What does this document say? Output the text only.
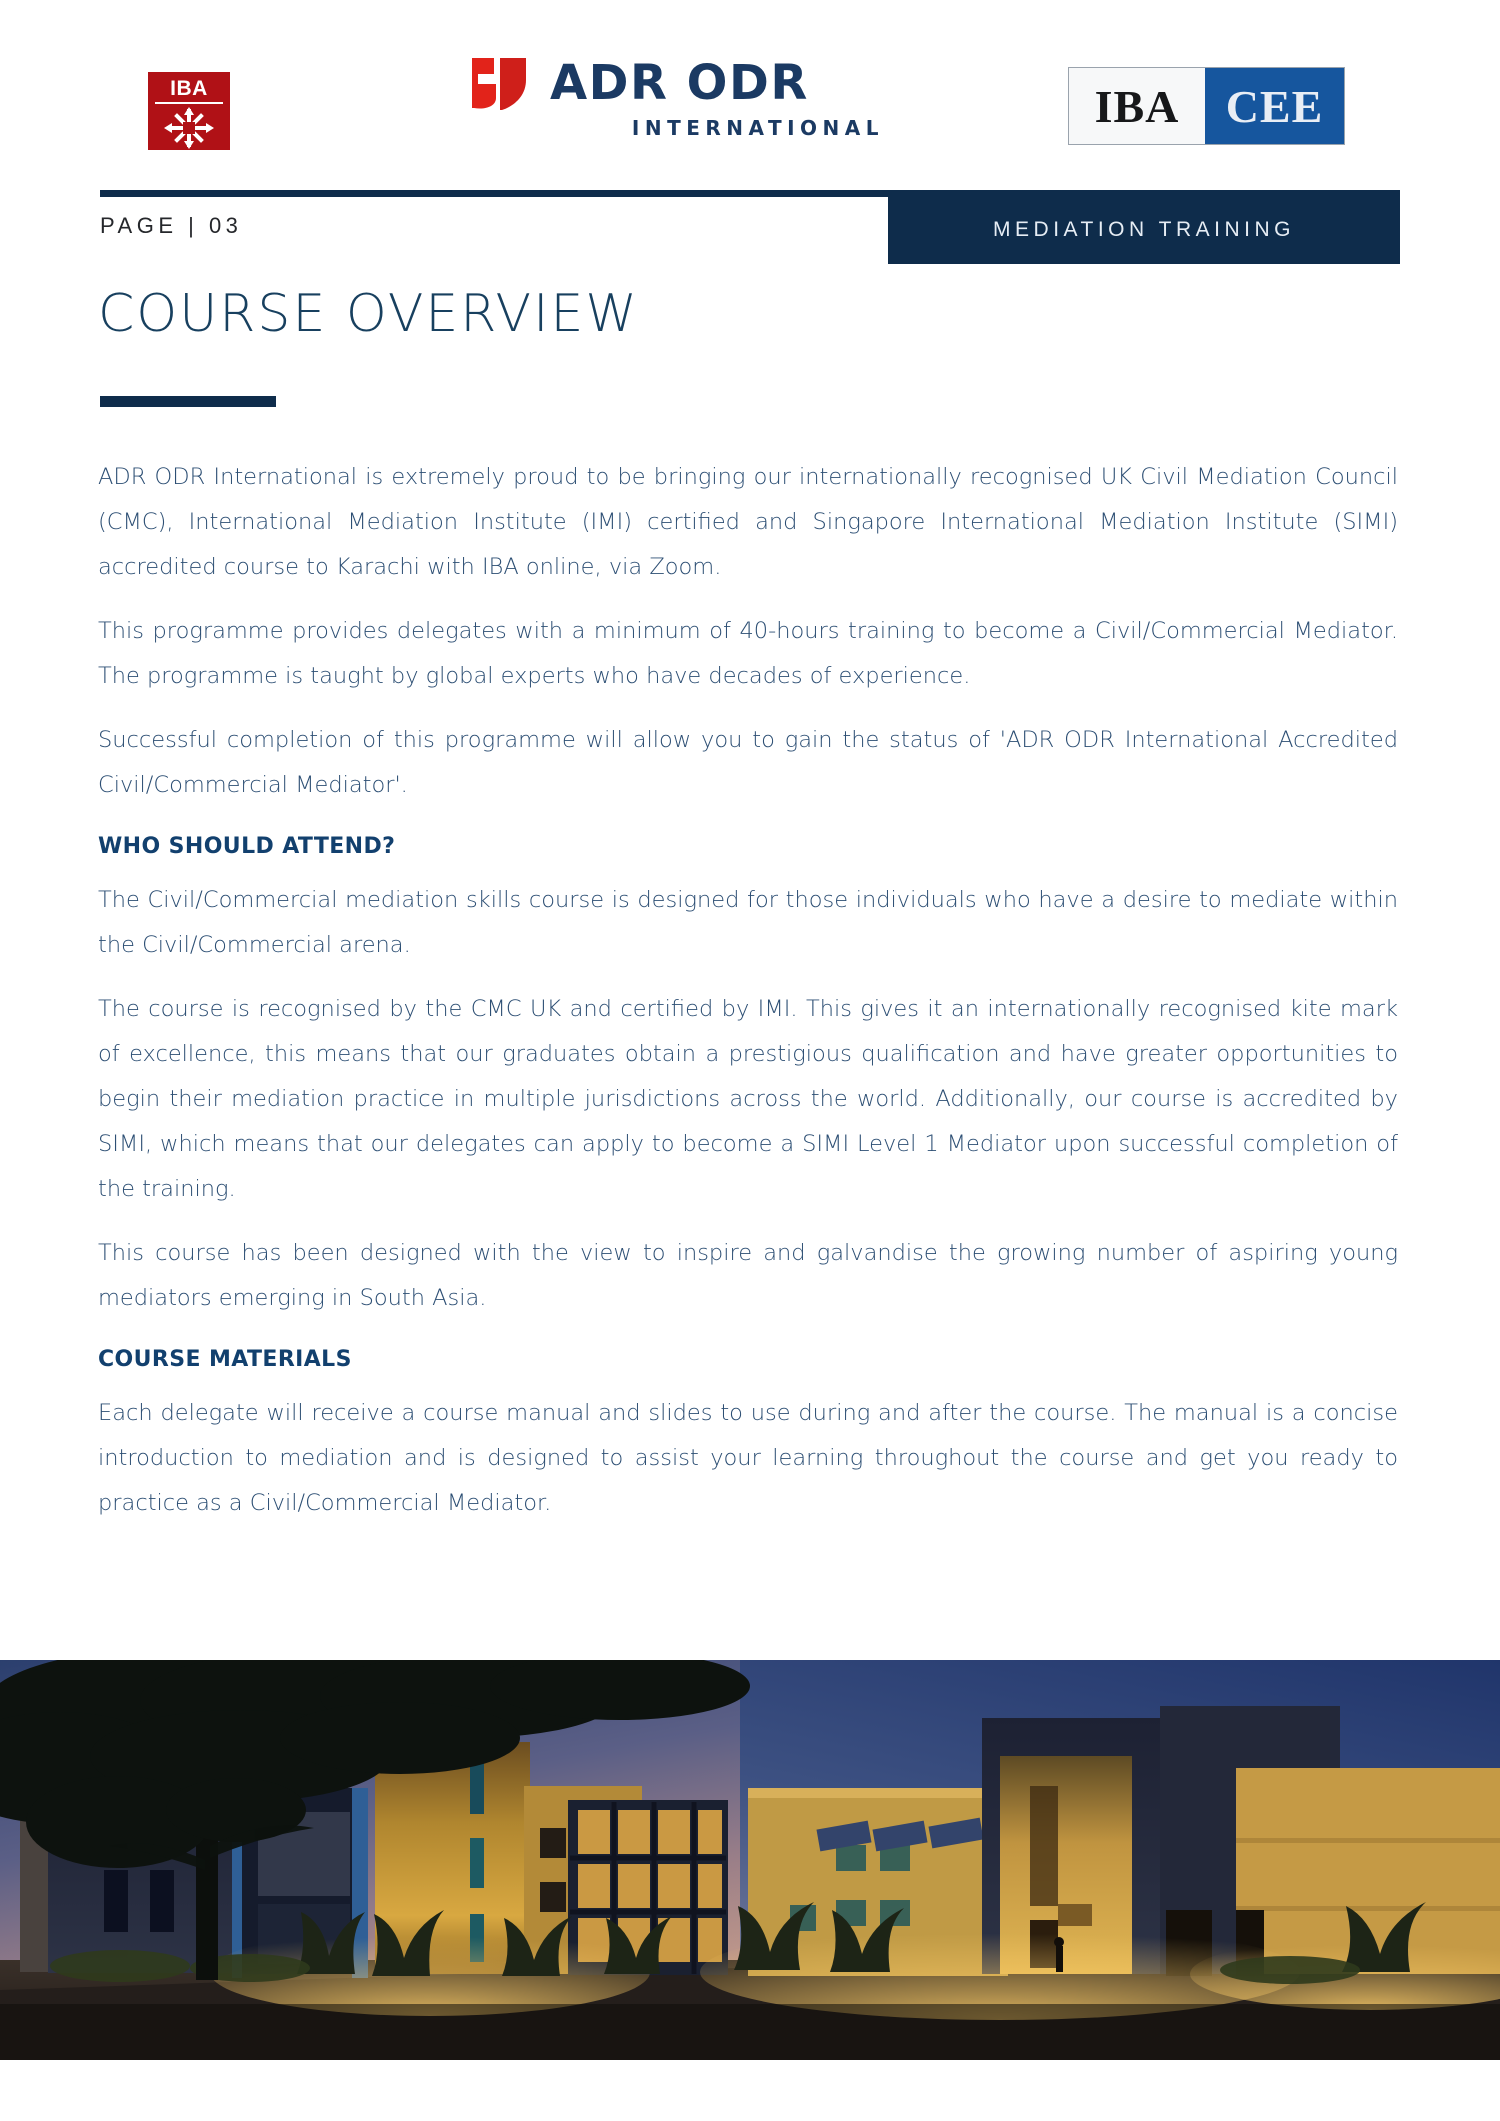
IBA	ADR ODR
INTERNATIONAL	IBA CEE
PAGE | 03	MEDIATION TRAINING
COURSE OVERVIEW

ADR ODR International is extremely proud to be bringing our internationally recognised UK Civil Mediation Council (CMC), International Mediation Institute (IMI) certified and Singapore International Mediation Institute (SIMI) accredited course to Karachi with IBA online, via Zoom.

This programme provides delegates with a minimum of 40-hours training to become a Civil/Commercial Mediator. The programme is taught by global experts who have decades of experience.

Successful completion of this programme will allow you to gain the status of 'ADR ODR International Accredited Civil/Commercial Mediator'.

WHO SHOULD ATTEND?

The Civil/Commercial mediation skills course is designed for those individuals who have a desire to mediate within the Civil/Commercial arena.

The course is recognised by the CMC UK and certified by IMI. This gives it an internationally recognised kite mark of excellence, this means that our graduates obtain a prestigious qualification and have greater opportunities to begin their mediation practice in multiple jurisdictions across the world. Additionally, our course is accredited by SIMI, which means that our delegates can apply to become a SIMI Level 1 Mediator upon successful completion of the training.

This course has been designed with the view to inspire and galvandise the growing number of aspiring young mediators emerging in South Asia.

COURSE MATERIALS

Each delegate will receive a course manual and slides to use during and after the course. The manual is a concise introduction to mediation and is designed to assist your learning throughout the course and get you ready to practice as a Civil/Commercial Mediator.
